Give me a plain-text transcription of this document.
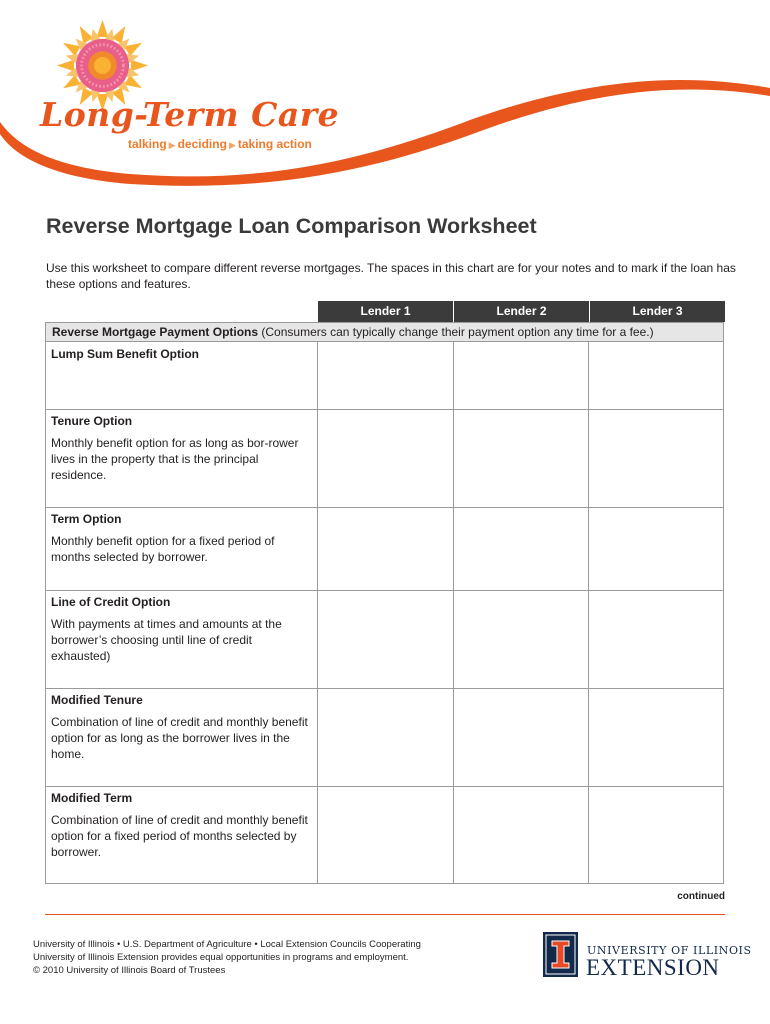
Long-Term Care
talking ▶ deciding ▶ taking action
Reverse Mortgage Loan Comparison Worksheet
Use this worksheet to compare different reverse mortgages. The spaces in this chart are for your notes and to mark if the loan has these options and features.
Lender 1	Lender 2	Lender 3
Reverse Mortgage Payment Options (Consumers can typically change their payment option any time for a fee.)
Lump Sum Benefit Option
Tenure Option
Monthly benefit option for as long as bor-rower lives in the property that is the principal residence.
Term Option
Monthly benefit option for a fixed period of months selected by borrower.
Line of Credit Option
With payments at times and amounts at the borrower’s choosing until line of credit exhausted)
Modified Tenure
Combination of line of credit and monthly benefit option for as long as the borrower lives in the home.
Modified Term
Combination of line of credit and monthly benefit option for a fixed period of months selected by borrower.
continued
University of Illinois • U.S. Department of Agriculture • Local Extension Councils Cooperating
University of Illinois Extension provides equal opportunities in programs and employment.
© 2010 University of Illinois Board of Trustees
UNIVERSITY OF ILLINOIS
EXTENSION
